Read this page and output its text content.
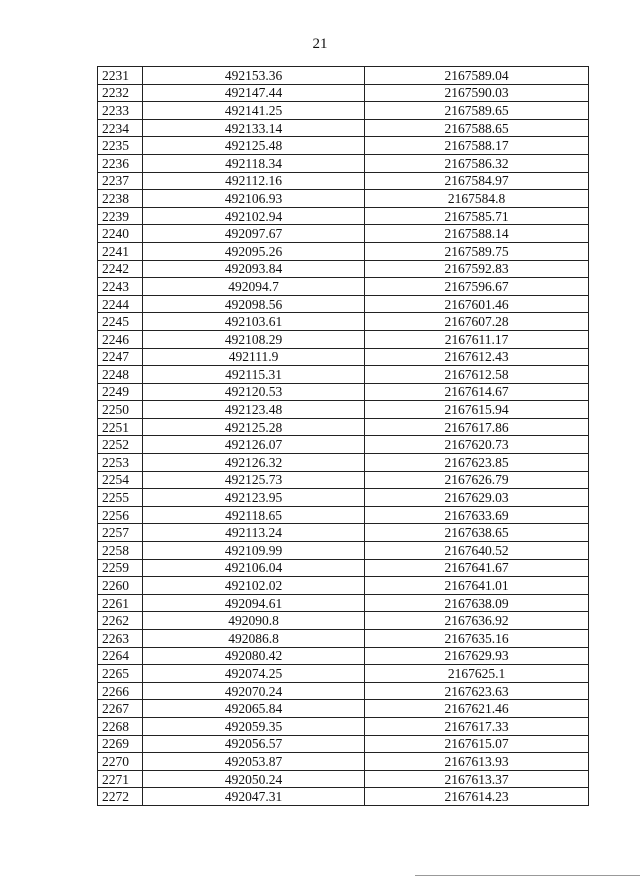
21
2231	492153.36	2167589.04
2232	492147.44	2167590.03
2233	492141.25	2167589.65
2234	492133.14	2167588.65
2235	492125.48	2167588.17
2236	492118.34	2167586.32
2237	492112.16	2167584.97
2238	492106.93	2167584.8
2239	492102.94	2167585.71
2240	492097.67	2167588.14
2241	492095.26	2167589.75
2242	492093.84	2167592.83
2243	492094.7	2167596.67
2244	492098.56	2167601.46
2245	492103.61	2167607.28
2246	492108.29	2167611.17
2247	492111.9	2167612.43
2248	492115.31	2167612.58
2249	492120.53	2167614.67
2250	492123.48	2167615.94
2251	492125.28	2167617.86
2252	492126.07	2167620.73
2253	492126.32	2167623.85
2254	492125.73	2167626.79
2255	492123.95	2167629.03
2256	492118.65	2167633.69
2257	492113.24	2167638.65
2258	492109.99	2167640.52
2259	492106.04	2167641.67
2260	492102.02	2167641.01
2261	492094.61	2167638.09
2262	492090.8	2167636.92
2263	492086.8	2167635.16
2264	492080.42	2167629.93
2265	492074.25	2167625.1
2266	492070.24	2167623.63
2267	492065.84	2167621.46
2268	492059.35	2167617.33
2269	492056.57	2167615.07
2270	492053.87	2167613.93
2271	492050.24	2167613.37
2272	492047.31	2167614.23
